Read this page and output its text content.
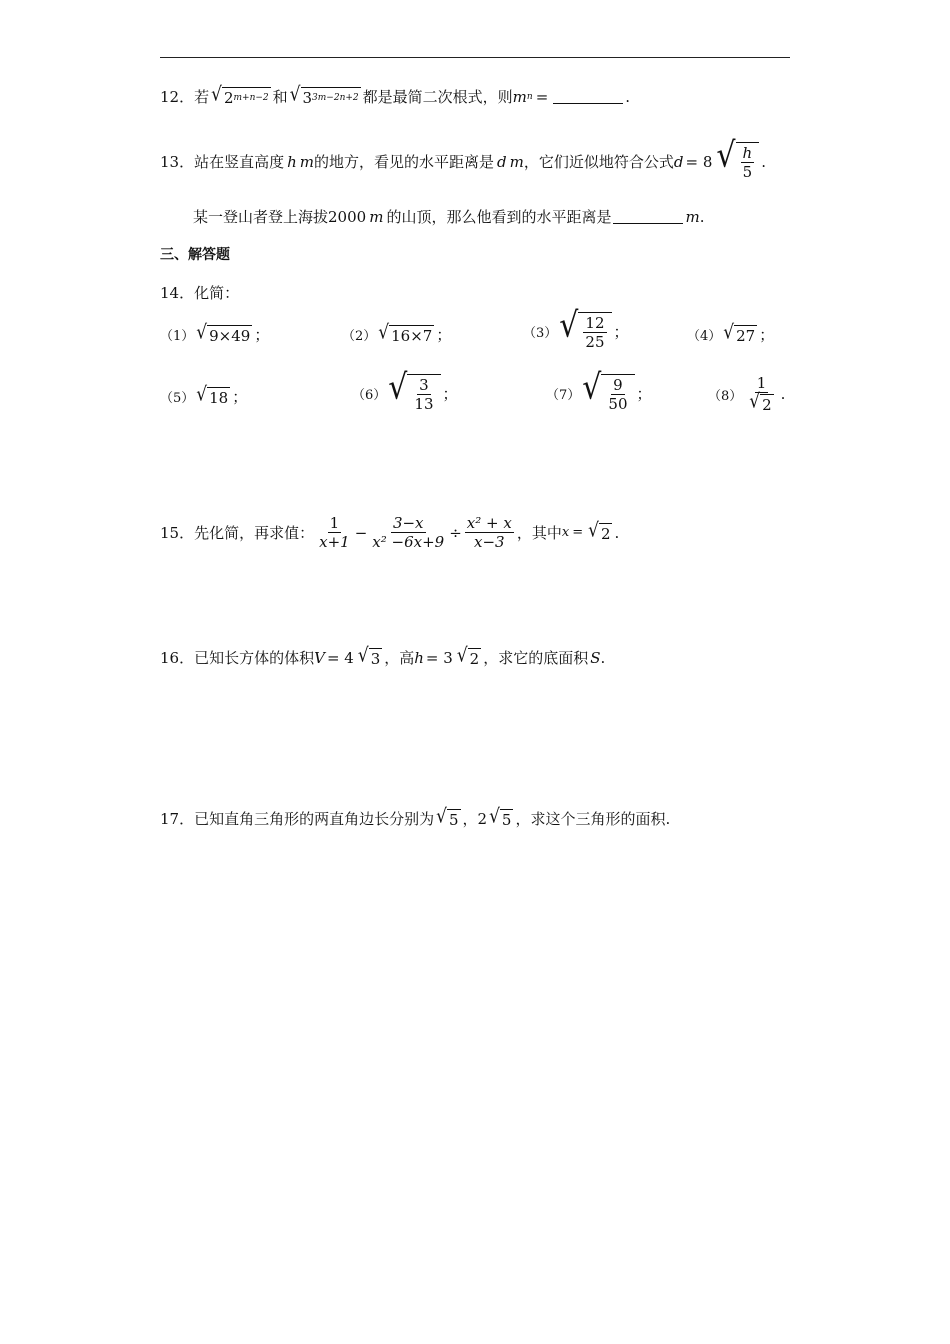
12． 若 √ 2 m+n−2 和 √ 3 3m−2n+2 都是最简二次根式，则 m n =	.
13． 站在竖直高度 h m 的地方，看见的水平距离是 d m ，它们近似地符合公式 d = 8 √ $\frac{h}{5}$ .
某一登山者登上海拔 2000 m 的山顶，那么他看到的水平距离是	m .
三、解答题
14．化简：
（1） √ 9×49 ；	（2） √ 16×7 ；	（3） √ $\frac{12}{25}$ ；	（4） √ 27 ；
（5） √ 18 ；	（6） √ $\frac{3}{13}$ ；	（7） √ $\frac{9}{50}$ ；	$(8) \frac{1}{√ 2}$ .
15． 先化简，再求值： $\frac{1}{x+1} - \frac{3-x}{\text{x² −6x+9}} \div \frac{\text{x² + x}}{x-3}$ ，其中 x = √ 2 .
16． 已知长方体的体积 V = 4 √ 3 ，高 h = 3 √ 2 ，求它的底面积 S .
17． 已知直角三角形的两直角边长分别为 √ 5 ， 2 √ 5 ，求这个三角形的面积.
